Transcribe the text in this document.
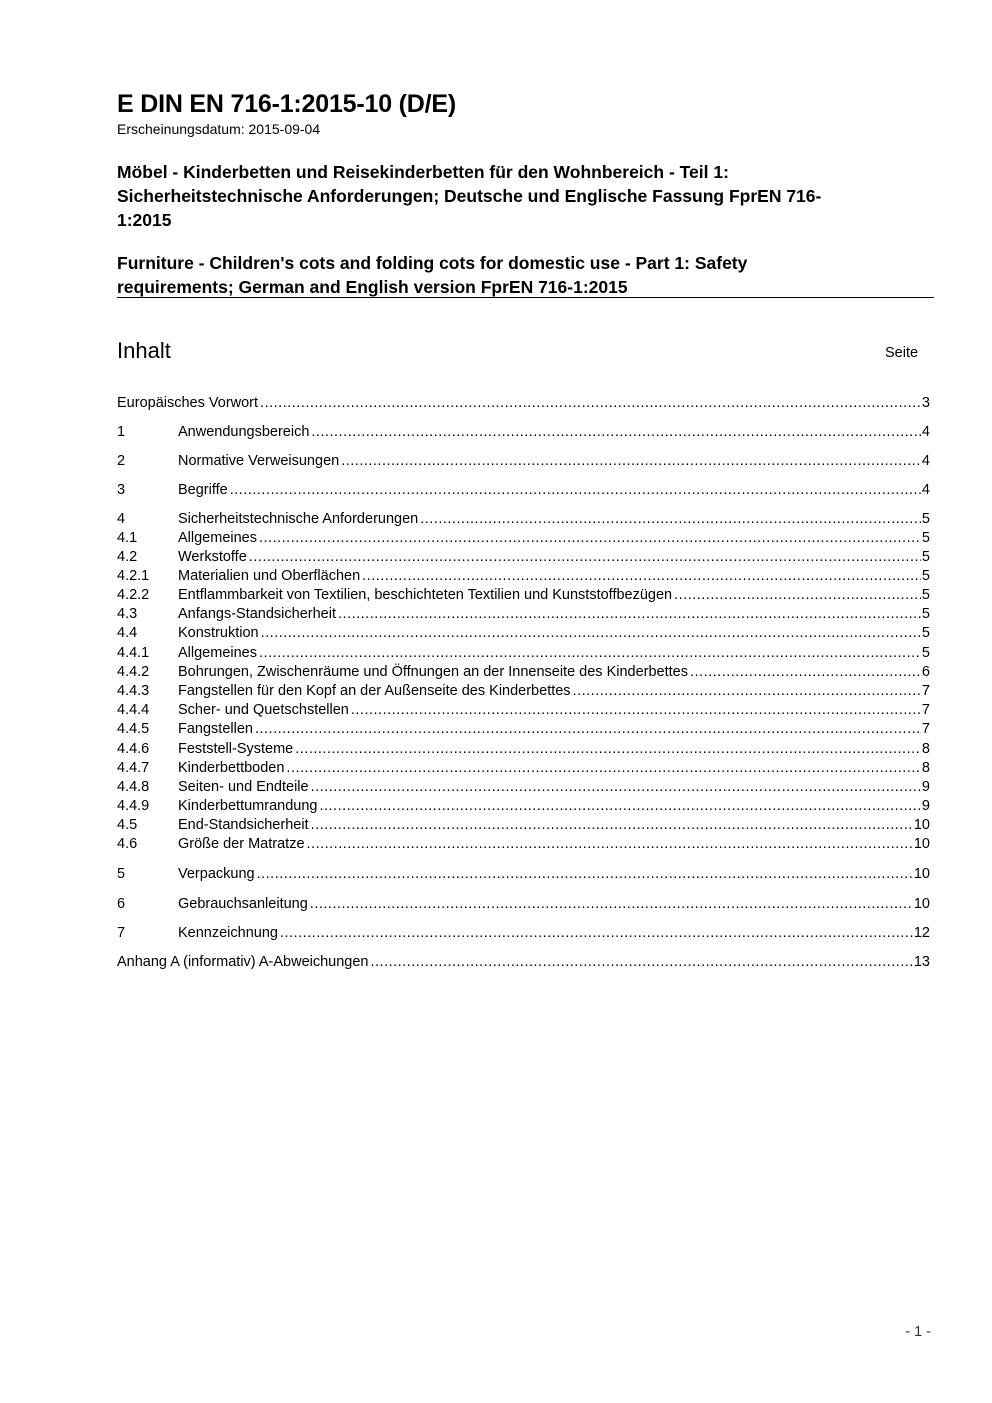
E DIN EN 716-1:2015-10 (D/E)
Erscheinungsdatum: 2015-09-04
Möbel - Kinderbetten und Reisekinderbetten für den Wohnbereich - Teil 1:
Sicherheitstechnische Anforderungen; Deutsche und Englische Fassung FprEN 716-
1:2015
Furniture - Children's cots and folding cots for domestic use - Part 1: Safety
requirements; German and English version FprEN 716-1:2015
Inhalt	Seite
Europäisches Vorwort .....	3
1	Anwendungsbereich .....	4
2	Normative Verweisungen .....	4
3	Begriffe .....	4
4	Sicherheitstechnische Anforderungen .....	5
4.1	Allgemeines .....	5
4.2	Werkstoffe .....	5
4.2.1 Materialien und Oberflächen .....	5
4.2.2 Entflammbarkeit von Textilien, beschichteten Textilien und Kunststoffbezügen .....	5
4.3	Anfangs-Standsicherheit .....	5
4.4	Konstruktion .....	5
4.4.1 Allgemeines .....	5
4.4.2 Bohrungen, Zwischenräume und Öffnungen an der Innenseite des Kinderbettes .....	6
4.4.3 Fangstellen für den Kopf an der Außenseite des Kinderbettes .....	7
4.4.4 Scher- und Quetschstellen .....	7
4.4.5 Fangstellen .....	7
4.4.6 Feststell-Systeme .....	8
4.4.7 Kinderbettboden .....	8
4.4.8 Seiten- und Endteile .....	9
4.4.9 Kinderbettumrandung .....	9
4.5	End-Standsicherheit .....	10
4.6	Größe der Matratze .....	10
5	Verpackung .....	10
6	Gebrauchsanleitung .....	10
7	Kennzeichnung .....	12
Anhang A (informativ) A-Abweichungen .....	13
- 1 -
